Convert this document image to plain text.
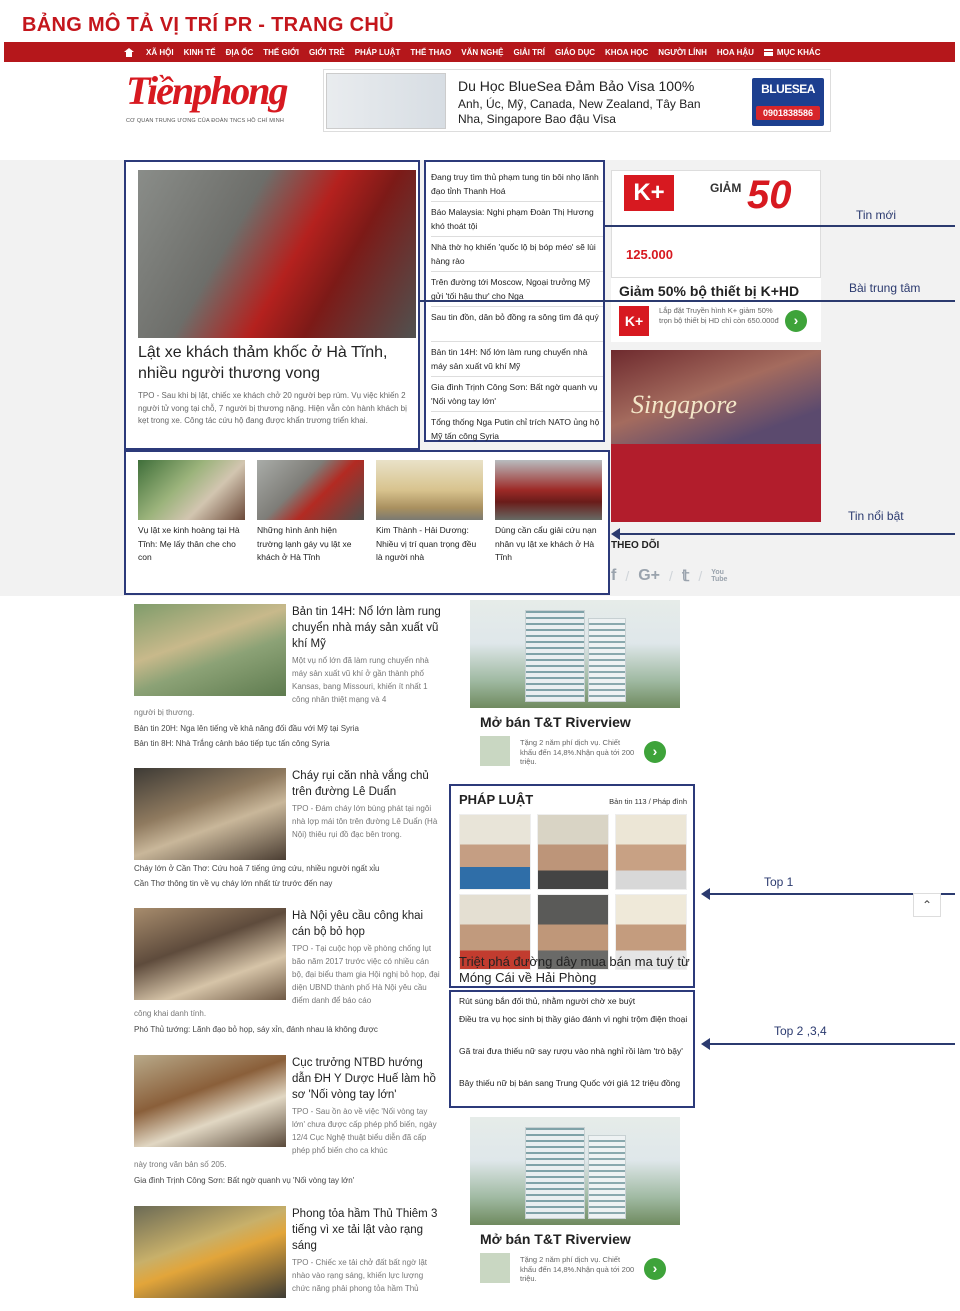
BẢNG MÔ TẢ VỊ TRÍ PR - TRANG CHỦ
XÃ HỘI KINH TẾ ĐỊA ỐC THẾ GIỚI GIỚI TRẺ PHÁP LUẬT THỂ THAO VĂN NGHỆ GIẢI TRÍ GIÁO DỤC KHOA HỌC NGƯỜI LÍNH HOA HẬU	MỤC KHÁC
Tiềnphong
CƠ QUAN TRUNG ƯƠNG CỦA ĐOÀN TNCS HỒ CHÍ MINH
Du Học BlueSea Đảm Bảo Visa 100%
Anh, Úc, Mỹ, Canada, New Zealand, Tây Ban Nha, Singapore Bao đậu Visa
BLUESEA
0901838586
Lật xe khách thảm khốc ở Hà Tĩnh, nhiều người thương vong
TPO - Sau khi bị lật, chiếc xe khách chở 20 người bẹp rúm. Vụ việc khiến 2 người tử vong tại chỗ, 7 người bị thương nặng. Hiện vẫn còn hành khách bị kẹt trong xe. Công tác cứu hộ đang được khẩn trương triển khai.
Đang truy tìm thủ phạm tung tin bôi nhọ lãnh đạo tỉnh Thanh Hoá
Báo Malaysia: Nghi phạm Đoàn Thị Hương khó thoát tội
Nhà thờ họ khiến 'quốc lộ bị bóp méo' sẽ lùi hàng rào
Trên đường tới Moscow, Ngoại trưởng Mỹ gửi 'tối hậu thư' cho Nga
Sau tin đồn, dân bỏ đồng ra sông tìm đá quý
Bản tin 14H: Nổ lớn làm rung chuyển nhà máy sản xuất vũ khí Mỹ
Gia đình Trịnh Công Sơn: Bất ngờ quanh vụ 'Nối vòng tay lớn'
Tổng thống Nga Putin chỉ trích NATO ủng hộ Mỹ tấn công Syria
Vụ lật xe kinh hoàng tại Hà Tĩnh: Mẹ lấy thân che cho con
Những hình ảnh hiện trường lạnh gáy vụ lật xe khách ở Hà Tĩnh
Kim Thành - Hải Dương: Nhiều vị trí quan trọng đều là người nhà
Dùng cần cẩu giải cứu nạn nhân vụ lật xe khách ở Hà Tĩnh
K+	GIẢM 50
125.000
Giảm 50% bộ thiết bị K+HD
K+
Lắp đặt Truyền hình K+ giảm 50% trọn bộ thiết bị HD chỉ còn 650.000đ	›
Singapore
THEO DÕI
f / G+ / 𝕥 / You Tube
Tin mới
Bài trung tâm
Tin nổi bật
Top 1
Top 2 ,3,4
Bản tin 14H: Nổ lớn làm rung chuyển nhà máy sản xuất vũ khí Mỹ
Một vụ nổ lớn đã làm rung chuyển nhà máy sản xuất vũ khí ở gần thành phố Kansas, bang Missouri, khiến ít nhất 1 công nhân thiệt mạng và 4
người bị thương.
Bản tin 20H: Nga lên tiếng về khả năng đối đầu với Mỹ tại Syria
Bản tin 8H: Nhà Trắng cảnh báo tiếp tục tấn công Syria
Cháy rụi căn nhà vắng chủ trên đường Lê Duẩn
TPO - Đám cháy lớn bùng phát tại ngôi nhà lợp mái tôn trên đường Lê Duẩn (Hà Nội) thiêu rụi đồ đạc bên trong.
Cháy lớn ở Cần Thơ: Cứu hoả 7 tiếng ứng cứu, nhiều người ngất xỉu
Cần Thơ thông tin về vụ cháy lớn nhất từ trước đến nay
Hà Nội yêu cầu công khai cán bộ bỏ họp
TPO - Tại cuộc họp về phòng chống lụt bão năm 2017 trước việc có nhiều cán bộ, đại biểu tham gia Hội nghị bỏ họp, đại diện UBND thành phố Hà Nội yêu cầu điểm danh để báo cáo
công khai danh tính.
Phó Thủ tướng: Lãnh đạo bỏ họp, sáy xỉn, đánh nhau là không được
Cục trưởng NTBD hướng dẫn ĐH Y Dược Huế làm hồ sơ 'Nối vòng tay lớn'
TPO - Sau ồn ào về việc 'Nối vòng tay lớn' chưa được cấp phép phổ biến, ngày 12/4 Cục Nghệ thuật biểu diễn đã cấp phép phổ biến cho ca khúc
này trong văn bản số 205.
Gia đình Trịnh Công Sơn: Bất ngờ quanh vụ 'Nối vòng tay lớn'
Phong tỏa hầm Thủ Thiêm 3 tiếng vì xe tải lật vào rạng sáng
TPO - Chiếc xe tải chở đất bất ngờ lật nhào vào rạng sáng, khiến lực lượng chức năng phải phong tỏa hầm Thủ
Mở bán T&T Riverview
Tặng 2 năm phí dịch vụ. Chiết khấu đến 14,8%.Nhận quà tới 200 triệu.
›
PHÁP LUẬT	Bản tin 113 / Pháp đình
Triệt phá đường dây mua bán ma tuý từ Móng Cái về Hải Phòng
Rút súng bắn đối thủ, nhằm người chờ xe buýt
Điều tra vụ học sinh bị thầy giáo đánh vì nghi trộm điện thoại
Gã trai đưa thiếu nữ say rượu vào nhà nghỉ rồi làm 'trò bậy'
Bây thiếu nữ bị bán sang Trung Quốc với giá 12 triệu đồng
Mở bán T&T Riverview
Tặng 2 năm phí dịch vụ. Chiết khấu đến 14,8%.Nhận quà tới 200 triệu.
›
⌃
